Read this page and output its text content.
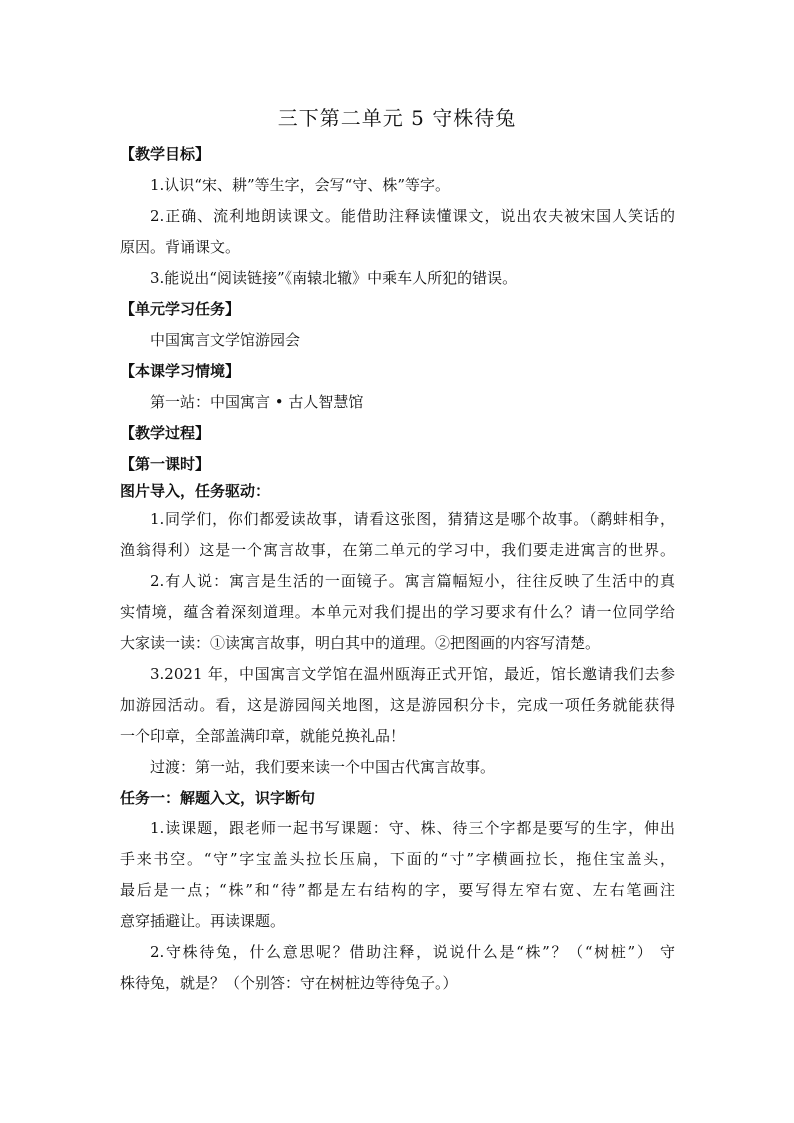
三下第二单元 5 守株待兔
【教学目标】
1.认识“宋、耕”等生字，会写“守、株”等字。
2.正确、流利地朗读课文。能借助注释读懂课文，说出农夫被宋国人笑话的
原因。背诵课文。
3.能说出“阅读链接”《南辕北辙》中乘车人所犯的错误。
【单元学习任务】
中国寓言文学馆游园会
【本课学习情境】
第一站：中国寓言 • 古人智慧馆
【教学过程】
【第一课时】
图片导入，任务驱动：
1.同学们，你们都爱读故事，请看这张图，猜猜这是哪个故事。（鹬蚌相争，
渔翁得利）这是一个寓言故事，在第二单元的学习中，我们要走进寓言的世界。
2.有人说：寓言是生活的一面镜子。寓言篇幅短小，往往反映了生活中的真
实情境，蕴含着深刻道理。本单元对我们提出的学习要求有什么？请一位同学给
大家读一读：①读寓言故事，明白其中的道理。②把图画的内容写清楚。
3.2021 年，中国寓言文学馆在温州瓯海正式开馆，最近，馆长邀请我们去参
加游园活动。看，这是游园闯关地图，这是游园积分卡，完成一项任务就能获得
一个印章，全部盖满印章，就能兑换礼品！
过渡：第一站，我们要来读一个中国古代寓言故事。
任务一：解题入文，识字断句
1.读课题，跟老师一起书写课题：守、株、待三个字都是要写的生字，伸出
手来书空。“守”字宝盖头拉长压扁，下面的“寸”字横画拉长，拖住宝盖头，
最后是一点；“株”和“待”都是左右结构的字，要写得左窄右宽、左右笔画注
意穿插避让。再读课题。
2.守株待兔，什么意思呢？借助注释，说说什么是“株”？（“树桩”） 守
株待兔，就是？（个别答：守在树桩边等待兔子。）
